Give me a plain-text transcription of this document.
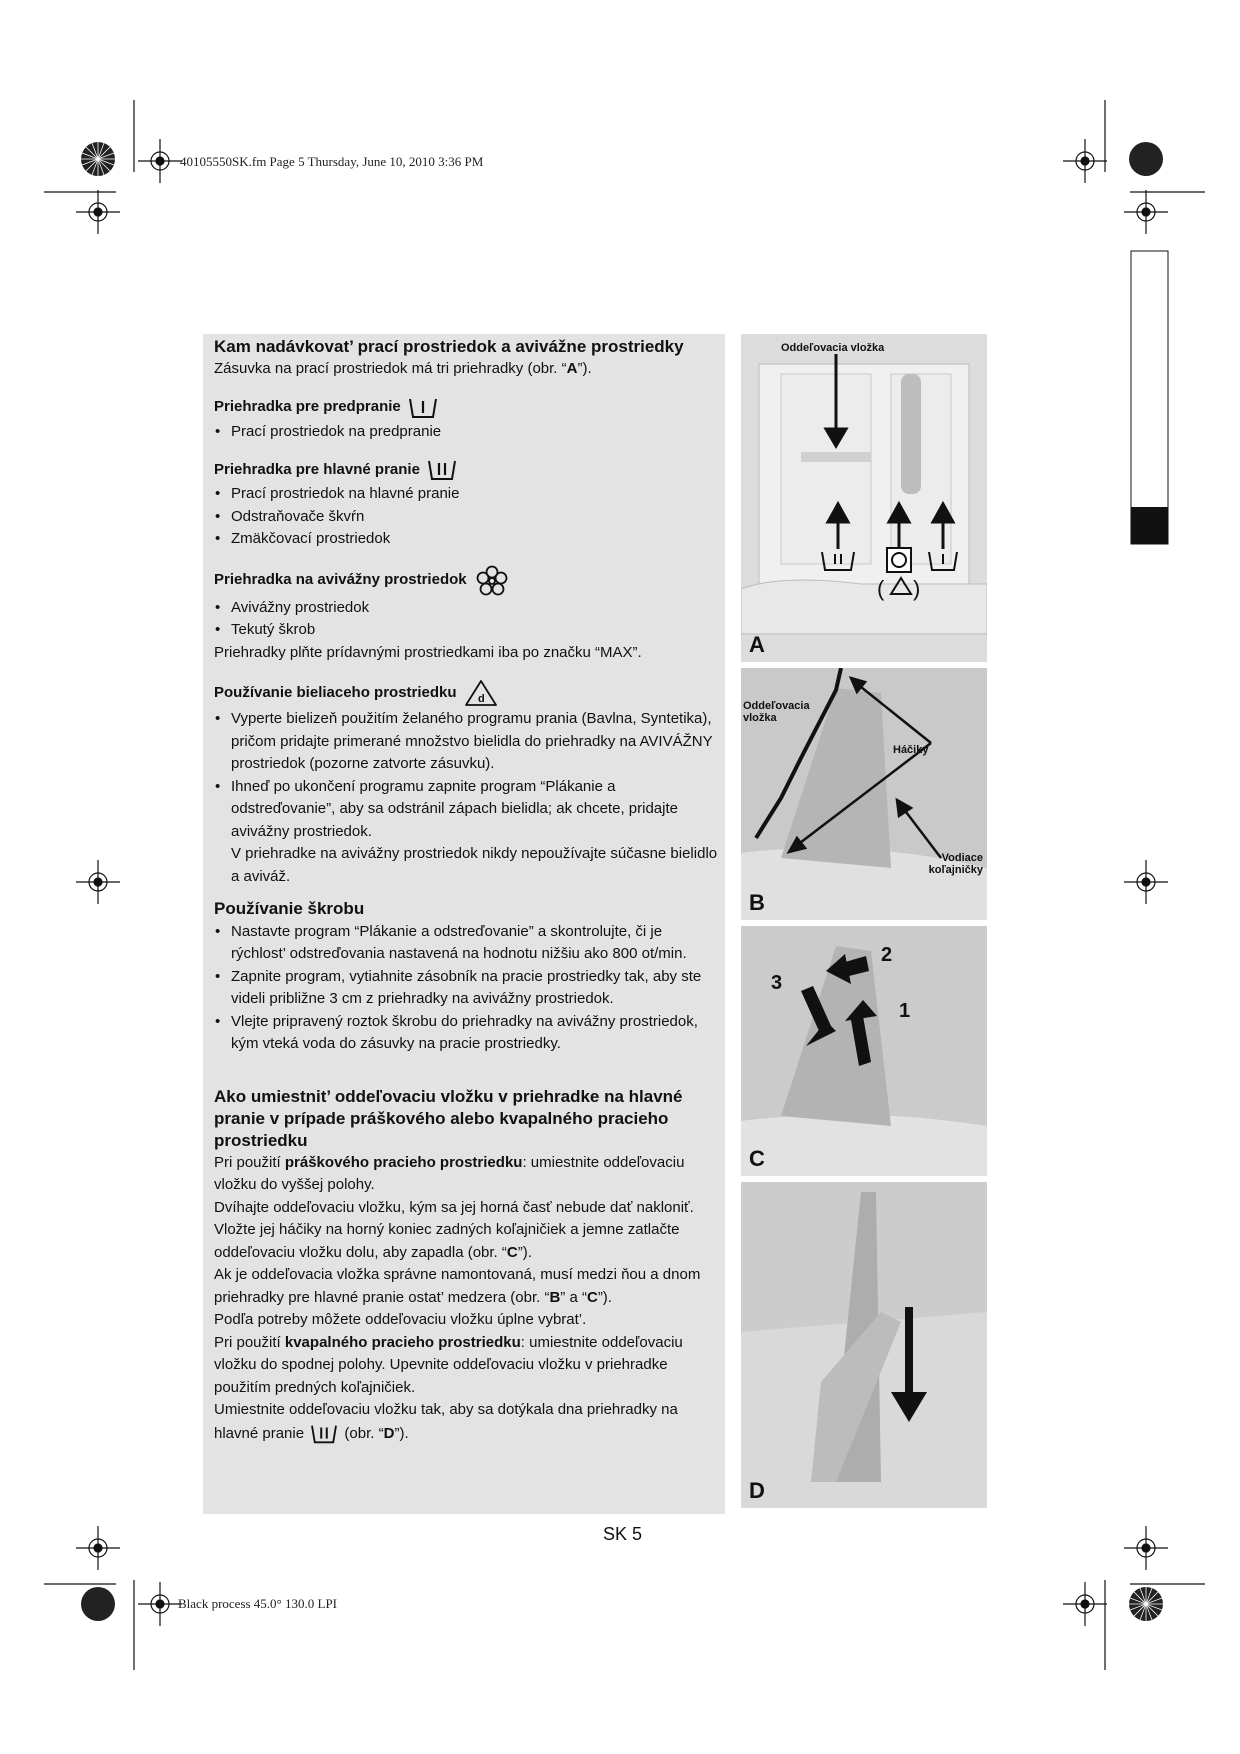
40105550SK.fm Page 5 Thursday, June 10, 2010 3:36 PM
Kam nadávkovat’ prací prostriedok a avivážne prostriedky

Zásuvka na prací prostriedok má tri priehradky (obr. “A”).

Priehradka pre predpranie
• Prací prostriedok na predpranie
Priehradka pre hlavné pranie
• Prací prostriedok na hlavné pranie
• Odstraňovače škvŕn
• Zmäkčovací prostriedok
Priehradka na avivážny prostriedok
• Avivážny prostriedok
• Tekutý škrob

Priehradky plňte prídavnými prostriedkami iba po značku “MAX”.

Používanie bieliaceho prostriedku d
• Vyperte bielizeň použitím želaného programu prania (Bavlna, Syntetika), pričom pridajte primerané množstvo bielidla do priehradky na AVIVÁŽNY prostriedok (pozorne zatvorte zásuvku).
• Ihneď po ukončení programu zapnite program “Plákanie a odstreďovanie”, aby sa odstránil zápach bielidla; ak chcete, pridajte avivážny prostriedok.
V priehradke na avivážny prostriedok nikdy nepoužívajte súčasne bielidlo a aviváž.
Používanie škrobu
• Nastavte program “Plákanie a odstreďovanie” a skontrolujte, či je rýchlost’ odstreďovania nastavená na hodnotu nižšiu ako 800 ot/min.
• Zapnite program, vytiahnite zásobník na pracie prostriedky tak, aby ste videli približne 3 cm z priehradky na avivážny prostriedok.
• Vlejte pripravený roztok škrobu do priehradky na avivážny prostriedok, kým vteká voda do zásuvky na pracie prostriedky.
Ako umiestnit’ oddeľovaciu vložku v priehradke na hlavné pranie v prípade práškového alebo kvapalného pracieho prostriedku

Pri použití práškového pracieho prostriedku: umiestnite oddeľovaciu vložku do vyššej polohy.

Dvíhajte oddeľovaciu vložku, kým sa jej horná časť nebude dať nakloniť. Vložte jej háčiky na horný koniec zadných koľajničiek a jemne zatlačte oddeľovaciu vložku dolu, aby zapadla (obr. “C”).

Ak je oddeľovacia vložka správne namontovaná, musí medzi ňou a dnom priehradky pre hlavné pranie ostat’ medzera (obr. “B” a “C”).

Podľa potreby môžete oddeľovaciu vložku úplne vybrat’.

Pri použití kvapalného pracieho prostriedku: umiestnite oddeľovaciu vložku do spodnej polohy. Upevnite oddeľovaciu vložku v priehradke použitím predných koľajničiek.

Umiestnite oddeľovaciu vložku tak, aby sa dotýkala dna priehradky na hlavné pranie	(obr. “D”).

( )
Oddeľovacia vložka
A
Oddeľovacia vložka
Háčiky
Vodiace koľajničky
B
2
3
1
C
D
SK 5
Black process 45.0° 130.0 LPI
